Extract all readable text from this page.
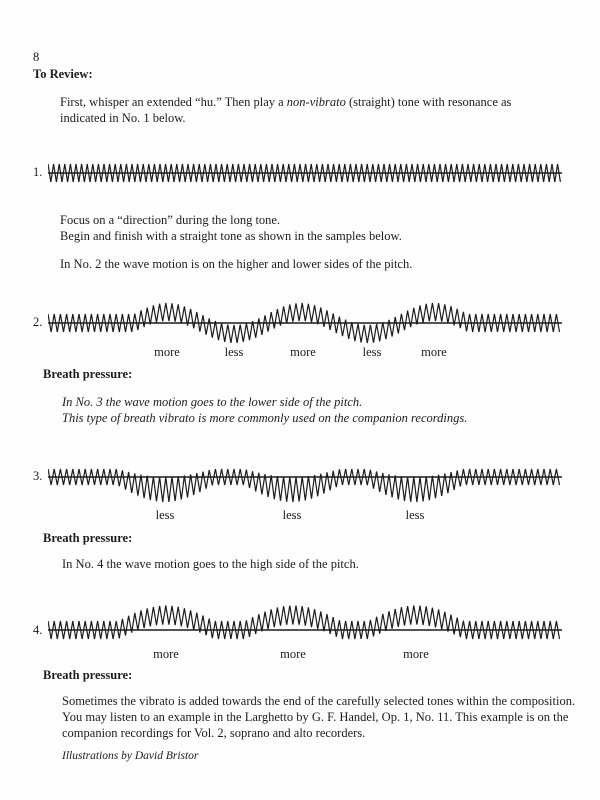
8
To Review:
First, whisper an extended “hu.” Then play a non-vibrato (straight) tone with resonance as
indicated in No. 1 below.
1.
Focus on a “direction” during the long tone.
Begin and finish with a straight tone as shown in the samples below.
In No. 2 the wave motion is on the higher and lower sides of the pitch.
2.
more	less	more	less	more
Breath pressure:
In No. 3 the wave motion goes to the lower side of the pitch.
This type of breath vibrato is more commonly used on the companion recordings.
3.
less	less	less
Breath pressure:
In No. 4 the wave motion goes to the high side of the pitch.
4.
more	more	more
Breath pressure:
Sometimes the vibrato is added towards the end of the carefully selected tones within the composition.
You may listen to an example in the Larghetto by G. F. Handel, Op. 1, No. 11. This example is on the
companion recordings for Vol. 2, soprano and alto recorders.
Illustrations by David Bristor
